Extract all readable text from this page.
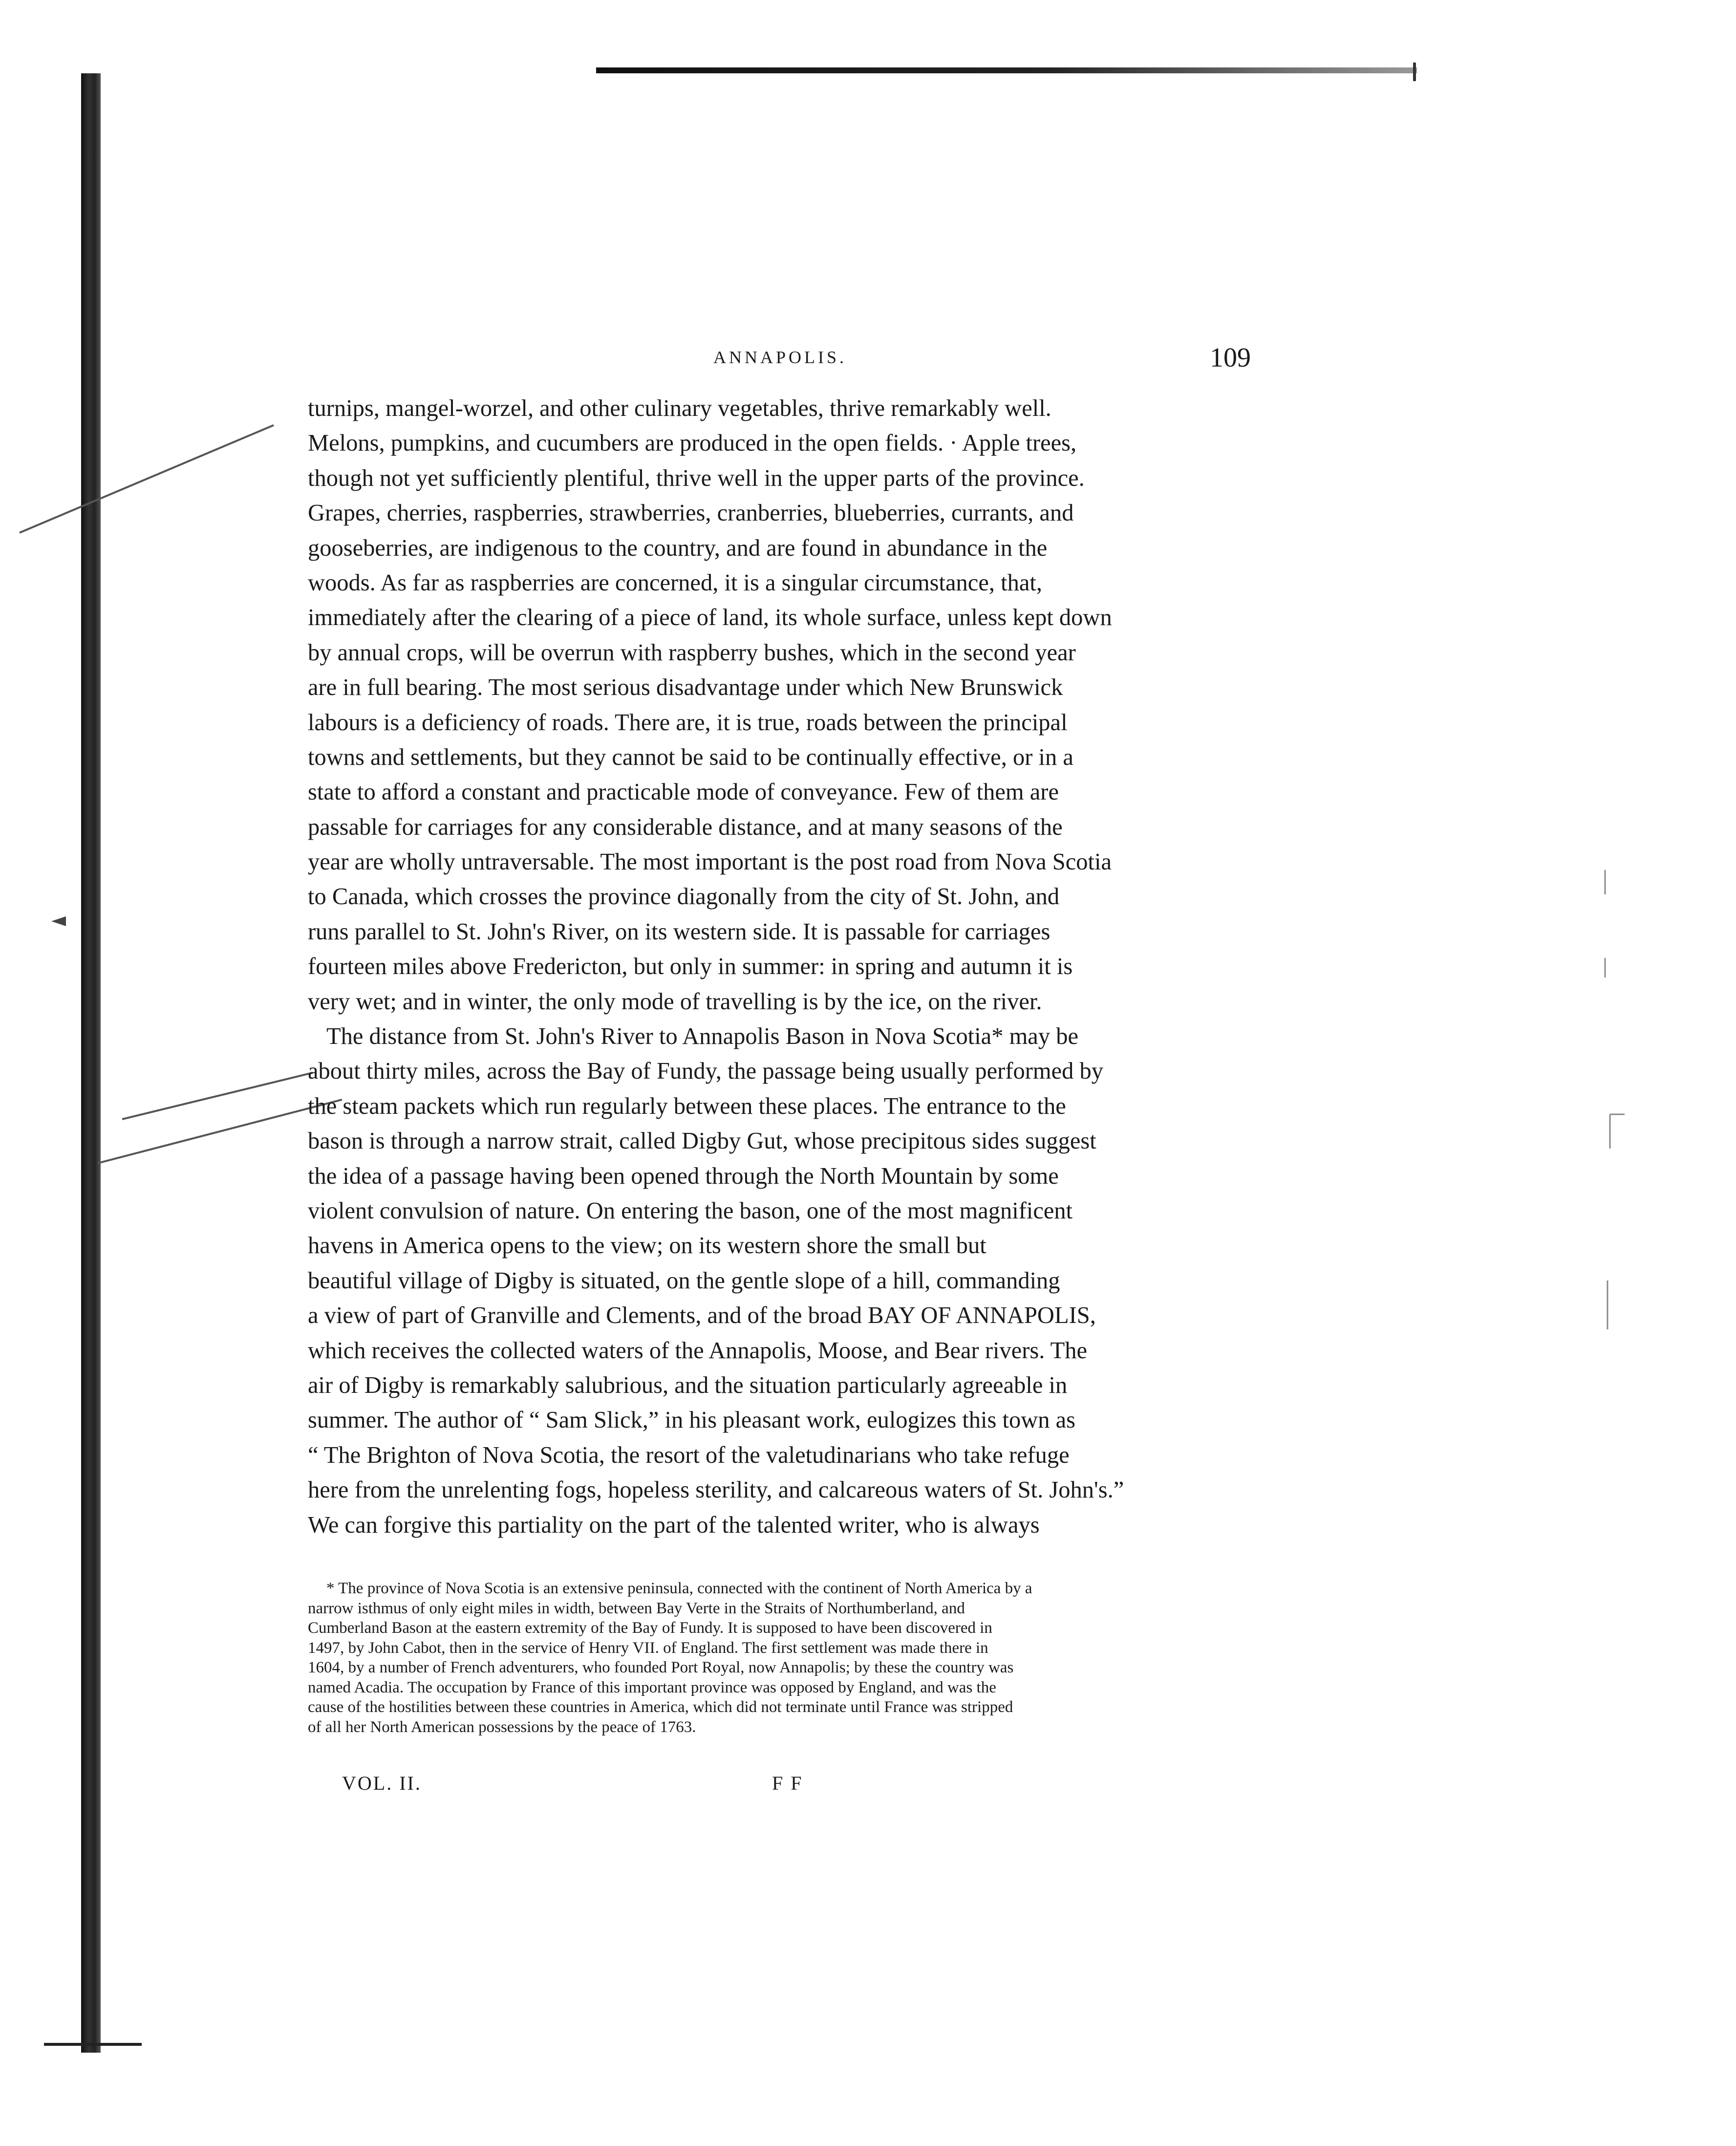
ANNAPOLIS.	109
turnips, mangel-worzel, and other culinary vegetables, thrive remarkably well.
Melons, pumpkins, and cucumbers are produced in the open fields. · Apple trees,
though not yet sufficiently plentiful, thrive well in the upper parts of the province.
Grapes, cherries, raspberries, strawberries, cranberries, blueberries, currants, and
gooseberries, are indigenous to the country, and are found in abundance in the
woods. As far as raspberries are concerned, it is a singular circumstance, that,
immediately after the clearing of a piece of land, its whole surface, unless kept down
by annual crops, will be overrun with raspberry bushes, which in the second year
are in full bearing. The most serious disadvantage under which New Brunswick
labours is a deficiency of roads. There are, it is true, roads between the principal
towns and settlements, but they cannot be said to be continually effective, or in a
state to afford a constant and practicable mode of conveyance. Few of them are
passable for carriages for any considerable distance, and at many seasons of the
year are wholly untraversable. The most important is the post road from Nova Scotia
to Canada, which crosses the province diagonally from the city of St. John, and
runs parallel to St. John's River, on its western side. It is passable for carriages
fourteen miles above Fredericton, but only in summer: in spring and autumn it is
very wet; and in winter, the only mode of travelling is by the ice, on the river.
The distance from St. John's River to Annapolis Bason in Nova Scotia* may be
about thirty miles, across the Bay of Fundy, the passage being usually performed by
the steam packets which run regularly between these places. The entrance to the
bason is through a narrow strait, called Digby Gut, whose precipitous sides suggest
the idea of a passage having been opened through the North Mountain by some
violent convulsion of nature. On entering the bason, one of the most magnificent
havens in America opens to the view; on its western shore the small but
beautiful village of Digby is situated, on the gentle slope of a hill, commanding
a view of part of Granville and Clements, and of the broad BAY OF ANNAPOLIS,
which receives the collected waters of the Annapolis, Moose, and Bear rivers. The
air of Digby is remarkably salubrious, and the situation particularly agreeable in
summer. The author of “ Sam Slick,” in his pleasant work, eulogizes this town as
“ The Brighton of Nova Scotia, the resort of the valetudinarians who take refuge
here from the unrelenting fogs, hopeless sterility, and calcareous waters of St. John's.”
We can forgive this partiality on the part of the talented writer, who is always
* The province of Nova Scotia is an extensive peninsula, connected with the continent of North America by a
narrow isthmus of only eight miles in width, between Bay Verte in the Straits of Northumberland, and
Cumberland Bason at the eastern extremity of the Bay of Fundy. It is supposed to have been discovered in
1497, by John Cabot, then in the service of Henry VII. of England. The first settlement was made there in
1604, by a number of French adventurers, who founded Port Royal, now Annapolis; by these the country was
named Acadia. The occupation by France of this important province was opposed by England, and was the
cause of the hostilities between these countries in America, which did not terminate until France was stripped
of all her North American possessions by the peace of 1763.
VOL. II.	F F
